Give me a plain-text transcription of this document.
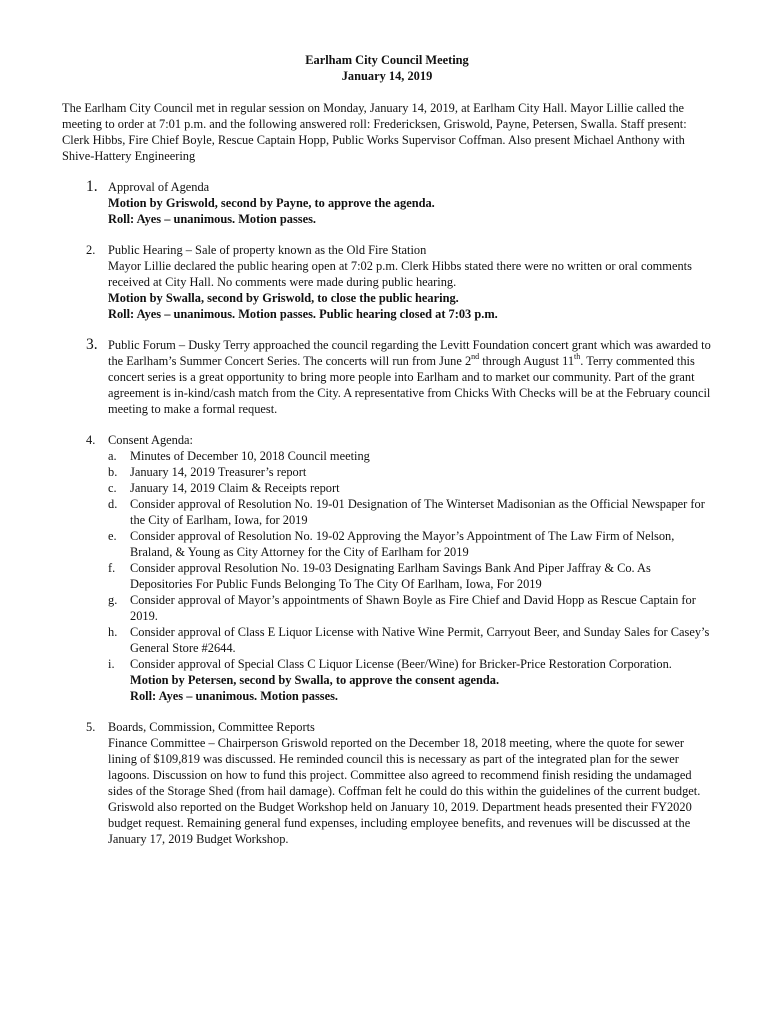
Earlham City Council Meeting
January 14, 2019
The Earlham City Council met in regular session on Monday, January 14, 2019, at Earlham City Hall. Mayor Lillie called the meeting to order at 7:01 p.m. and the following answered roll: Fredericksen, Griswold, Payne, Petersen, Swalla. Staff present: Clerk Hibbs, Fire Chief Boyle, Rescue Captain Hopp, Public Works Supervisor Coffman. Also present Michael Anthony with Shive-Hattery Engineering
1. Approval of Agenda
Motion by Griswold, second by Payne, to approve the agenda.
Roll: Ayes – unanimous. Motion passes.
2.	Public Hearing – Sale of property known as the Old Fire Station
Mayor Lillie declared the public hearing open at 7:02 p.m. Clerk Hibbs stated there were no written or oral comments received at City Hall. No comments were made during public hearing.
Motion by Swalla, second by Griswold, to close the public hearing.
Roll: Ayes – unanimous. Motion passes. Public hearing closed at 7:03 p.m.
3. Public Forum – Dusky Terry approached the council regarding the Levitt Foundation concert grant which was awarded to the Earlham’s Summer Concert Series. The concerts will run from June 2nd through August 11th. Terry commented this concert series is a great opportunity to bring more people into Earlham and to market our community. Part of the grant agreement is in-kind/cash match from the City. A representative from Chicks With Checks will be at the February council meeting to make a formal request.
4.	Consent Agenda:
a.	Minutes of December 10, 2018 Council meeting
b.	January 14, 2019 Treasurer’s report
c.	January 14, 2019 Claim & Receipts report
d.	Consider approval of Resolution No. 19-01 Designation of The Winterset Madisonian as the Official Newspaper for the City of Earlham, Iowa, for 2019
e.	Consider approval of Resolution No. 19-02 Approving the Mayor’s Appointment of The Law Firm of Nelson, Braland, & Young as City Attorney for the City of Earlham for 2019
f.	Consider approval Resolution No. 19-03 Designating Earlham Savings Bank And Piper Jaffray & Co. As Depositories For Public Funds Belonging To The City Of Earlham, Iowa, For 2019
g.	Consider approval of Mayor’s appointments of Shawn Boyle as Fire Chief and David Hopp as Rescue Captain for 2019.
h.	Consider approval of Class E Liquor License with Native Wine Permit, Carryout Beer, and Sunday Sales for Casey’s General Store #2644.
i.	Consider approval of Special Class C Liquor License (Beer/Wine) for Bricker-Price Restoration Corporation.
Motion by Petersen, second by Swalla, to approve the consent agenda.
Roll: Ayes – unanimous. Motion passes.
5.	Boards, Commission, Committee Reports
Finance Committee – Chairperson Griswold reported on the December 18, 2018 meeting, where the quote for sewer lining of $109,819 was discussed. He reminded council this is necessary as part of the integrated plan for the sewer lagoons. Discussion on how to fund this project. Committee also agreed to recommend finish residing the undamaged sides of the Storage Shed (from hail damage). Coffman felt he could do this within the guidelines of the current budget. Griswold also reported on the Budget Workshop held on January 10, 2019. Department heads presented their FY2020 budget request. Remaining general fund expenses, including employee benefits, and revenues will be discussed at the January 17, 2019 Budget Workshop.
